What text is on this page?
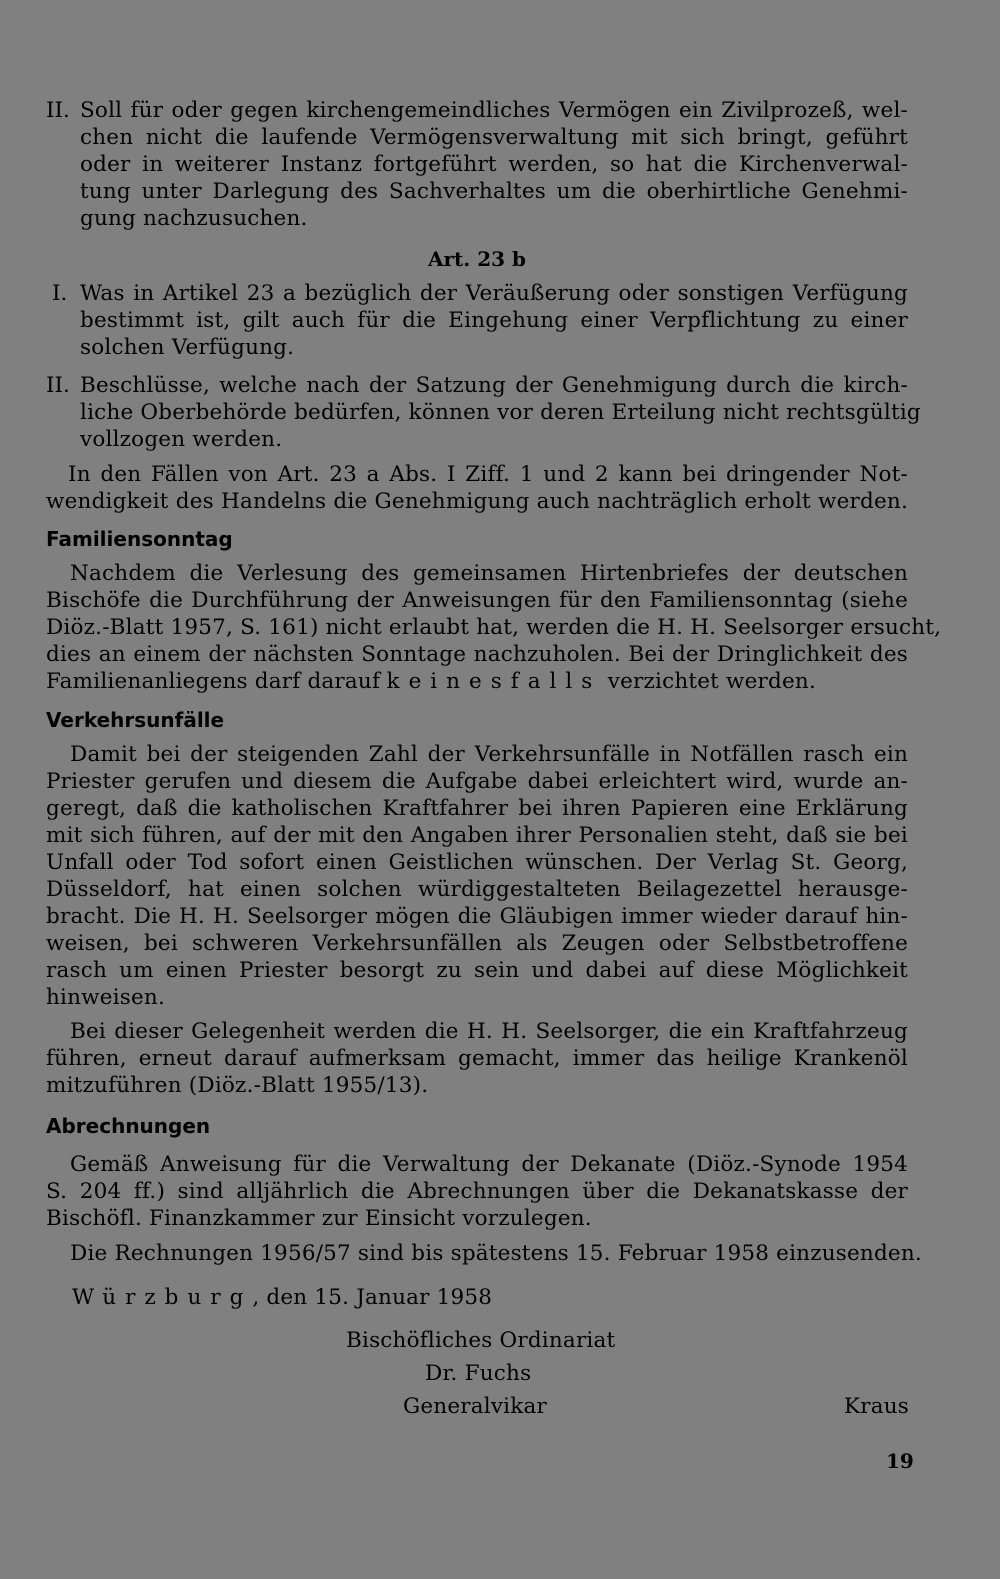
II. Soll für oder gegen kirchengemeindliches Vermögen ein Zivilprozeß, wel-
chen nicht die laufende Vermögensverwaltung mit sich bringt, geführt
oder in weiterer Instanz fortgeführt werden, so hat die Kirchenverwal-
tung unter Darlegung des Sachverhaltes um die oberhirtliche Genehmi-
gung nachzusuchen.
Art. 23 b
I. Was in Artikel 23 a bezüglich der Veräußerung oder sonstigen Verfügung
bestimmt ist, gilt auch für die Eingehung einer Verpflichtung zu einer
solchen Verfügung.
II. Beschlüsse, welche nach der Satzung der Genehmigung durch die kirch-
liche Oberbehörde bedürfen, können vor deren Erteilung nicht rechtsgültig
vollzogen werden.
In den Fällen von Art. 23 a Abs. I Ziff. 1 und 2 kann bei dringender Not-
wendigkeit des Handelns die Genehmigung auch nachträglich erholt werden.
Familiensonntag
Nachdem die Verlesung des gemeinsamen Hirtenbriefes der deutschen
Bischöfe die Durchführung der Anweisungen für den Familiensonntag (siehe
Diöz.-Blatt 1957, S. 161) nicht erlaubt hat, werden die H. H. Seelsorger ersucht,
dies an einem der nächsten Sonntage nachzuholen. Bei der Dringlichkeit des
Familienanliegens darf darauf keinesfalls verzichtet werden.
Verkehrsunfälle
Damit bei der steigenden Zahl der Verkehrsunfälle in Notfällen rasch ein
Priester gerufen und diesem die Aufgabe dabei erleichtert wird, wurde an-
geregt, daß die katholischen Kraftfahrer bei ihren Papieren eine Erklärung
mit sich führen, auf der mit den Angaben ihrer Personalien steht, daß sie bei
Unfall oder Tod sofort einen Geistlichen wünschen. Der Verlag St. Georg,
Düsseldorf, hat einen solchen würdiggestalteten Beilagezettel herausge-
bracht. Die H. H. Seelsorger mögen die Gläubigen immer wieder darauf hin-
weisen, bei schweren Verkehrsunfällen als Zeugen oder Selbstbetroffene
rasch um einen Priester besorgt zu sein und dabei auf diese Möglichkeit
hinweisen.
Bei dieser Gelegenheit werden die H. H. Seelsorger, die ein Kraftfahrzeug
führen, erneut darauf aufmerksam gemacht, immer das heilige Krankenöl
mitzuführen (Diöz.-Blatt 1955/13).
Abrechnungen
Gemäß Anweisung für die Verwaltung der Dekanate (Diöz.-Synode 1954
S. 204 ff.) sind alljährlich die Abrechnungen über die Dekanatskasse der
Bischöfl. Finanzkammer zur Einsicht vorzulegen.
Die Rechnungen 1956/57 sind bis spätestens 15. Februar 1958 einzusenden.
Würzburg, den 15. Januar 1958
Bischöfliches Ordinariat
Dr. Fuchs
Generalvikar	Kraus
19
